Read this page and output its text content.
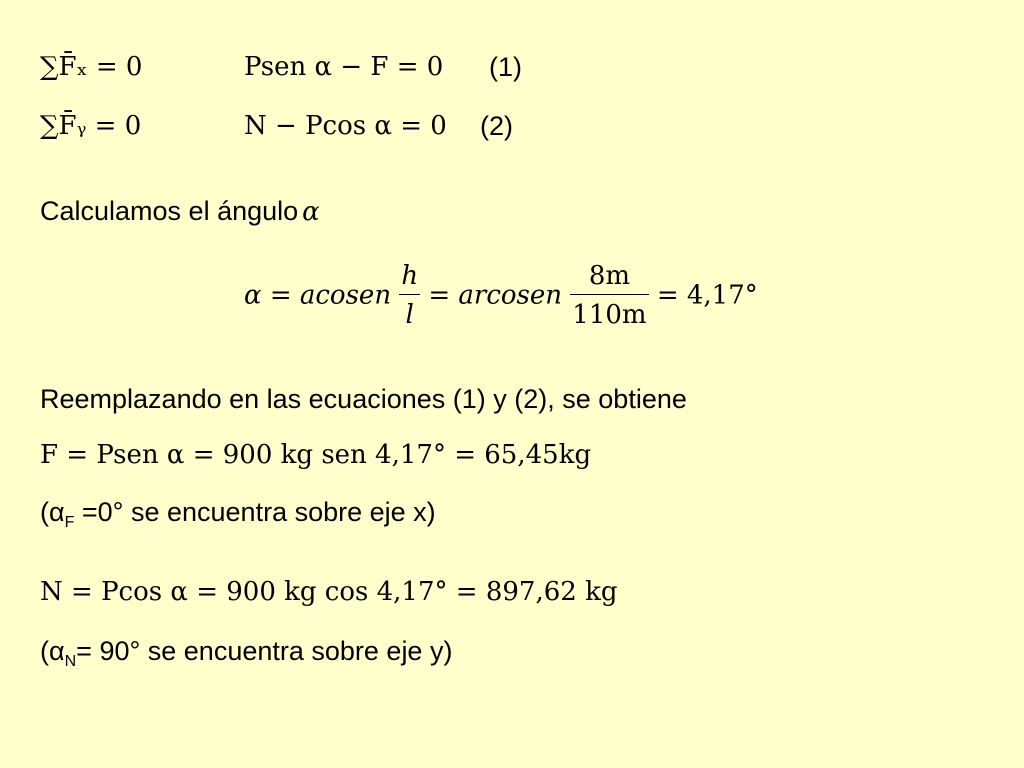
∑F̄ₓ = 0	Psen α − F = 0 (1)
∑F̄ᵧ = 0	N − Pcos α = 0 (2)
Calculamos el ángulo α
α = acosen $\frac{h}{l}$ = arcosen $\frac{8m}{110m} = 4,17^\circ$
Reemplazando en las ecuaciones (1) y (2), se obtiene
F = Psen α = 900 kg sen 4,17° = 65,45kg
($\alpha_F =0^\circ$ se encuentra sobre eje x)
N = Pcos α = 900 kg cos 4,17° = 897,62 kg
($\alpha_N= 90^\circ$ se encuentra sobre eje y)
